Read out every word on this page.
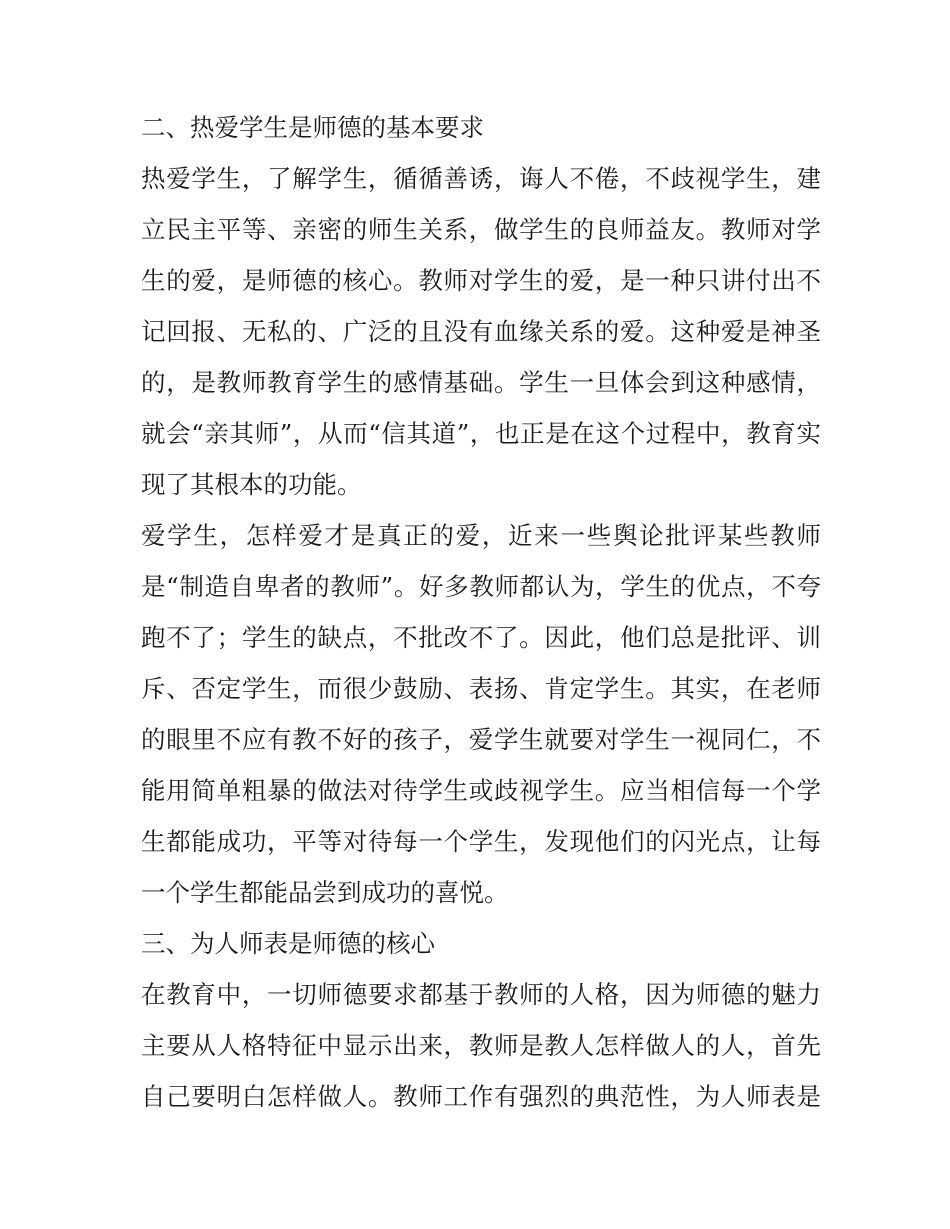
二、热爱学生是师德的基本要求
热爱学生，了解学生，循循善诱，诲人不倦，不歧视学生，建
立民主平等、亲密的师生关系，做学生的良师益友。教师对学
生的爱，是师德的核心。教师对学生的爱，是一种只讲付出不
记回报、无私的、广泛的且没有血缘关系的爱。这种爱是神圣
的，是教师教育学生的感情基础。学生一旦体会到这种感情，
就会“亲其师”，从而“信其道”，也正是在这个过程中，教育实
现了其根本的功能。
爱学生，怎样爱才是真正的爱，近来一些舆论批评某些教师
是“制造自卑者的教师”。好多教师都认为，学生的优点，不夸
跑不了；学生的缺点，不批改不了。因此，他们总是批评、训
斥、否定学生，而很少鼓励、表扬、肯定学生。其实，在老师
的眼里不应有教不好的孩子，爱学生就要对学生一视同仁，不
能用简单粗暴的做法对待学生或歧视学生。应当相信每一个学
生都能成功，平等对待每一个学生，发现他们的闪光点，让每
一个学生都能品尝到成功的喜悦。
三、为人师表是师德的核心
在教育中，一切师德要求都基于教师的人格，因为师德的魅力
主要从人格特征中显示出来，教师是教人怎样做人的人，首先
自己要明白怎样做人。教师工作有强烈的典范性，为人师表是
